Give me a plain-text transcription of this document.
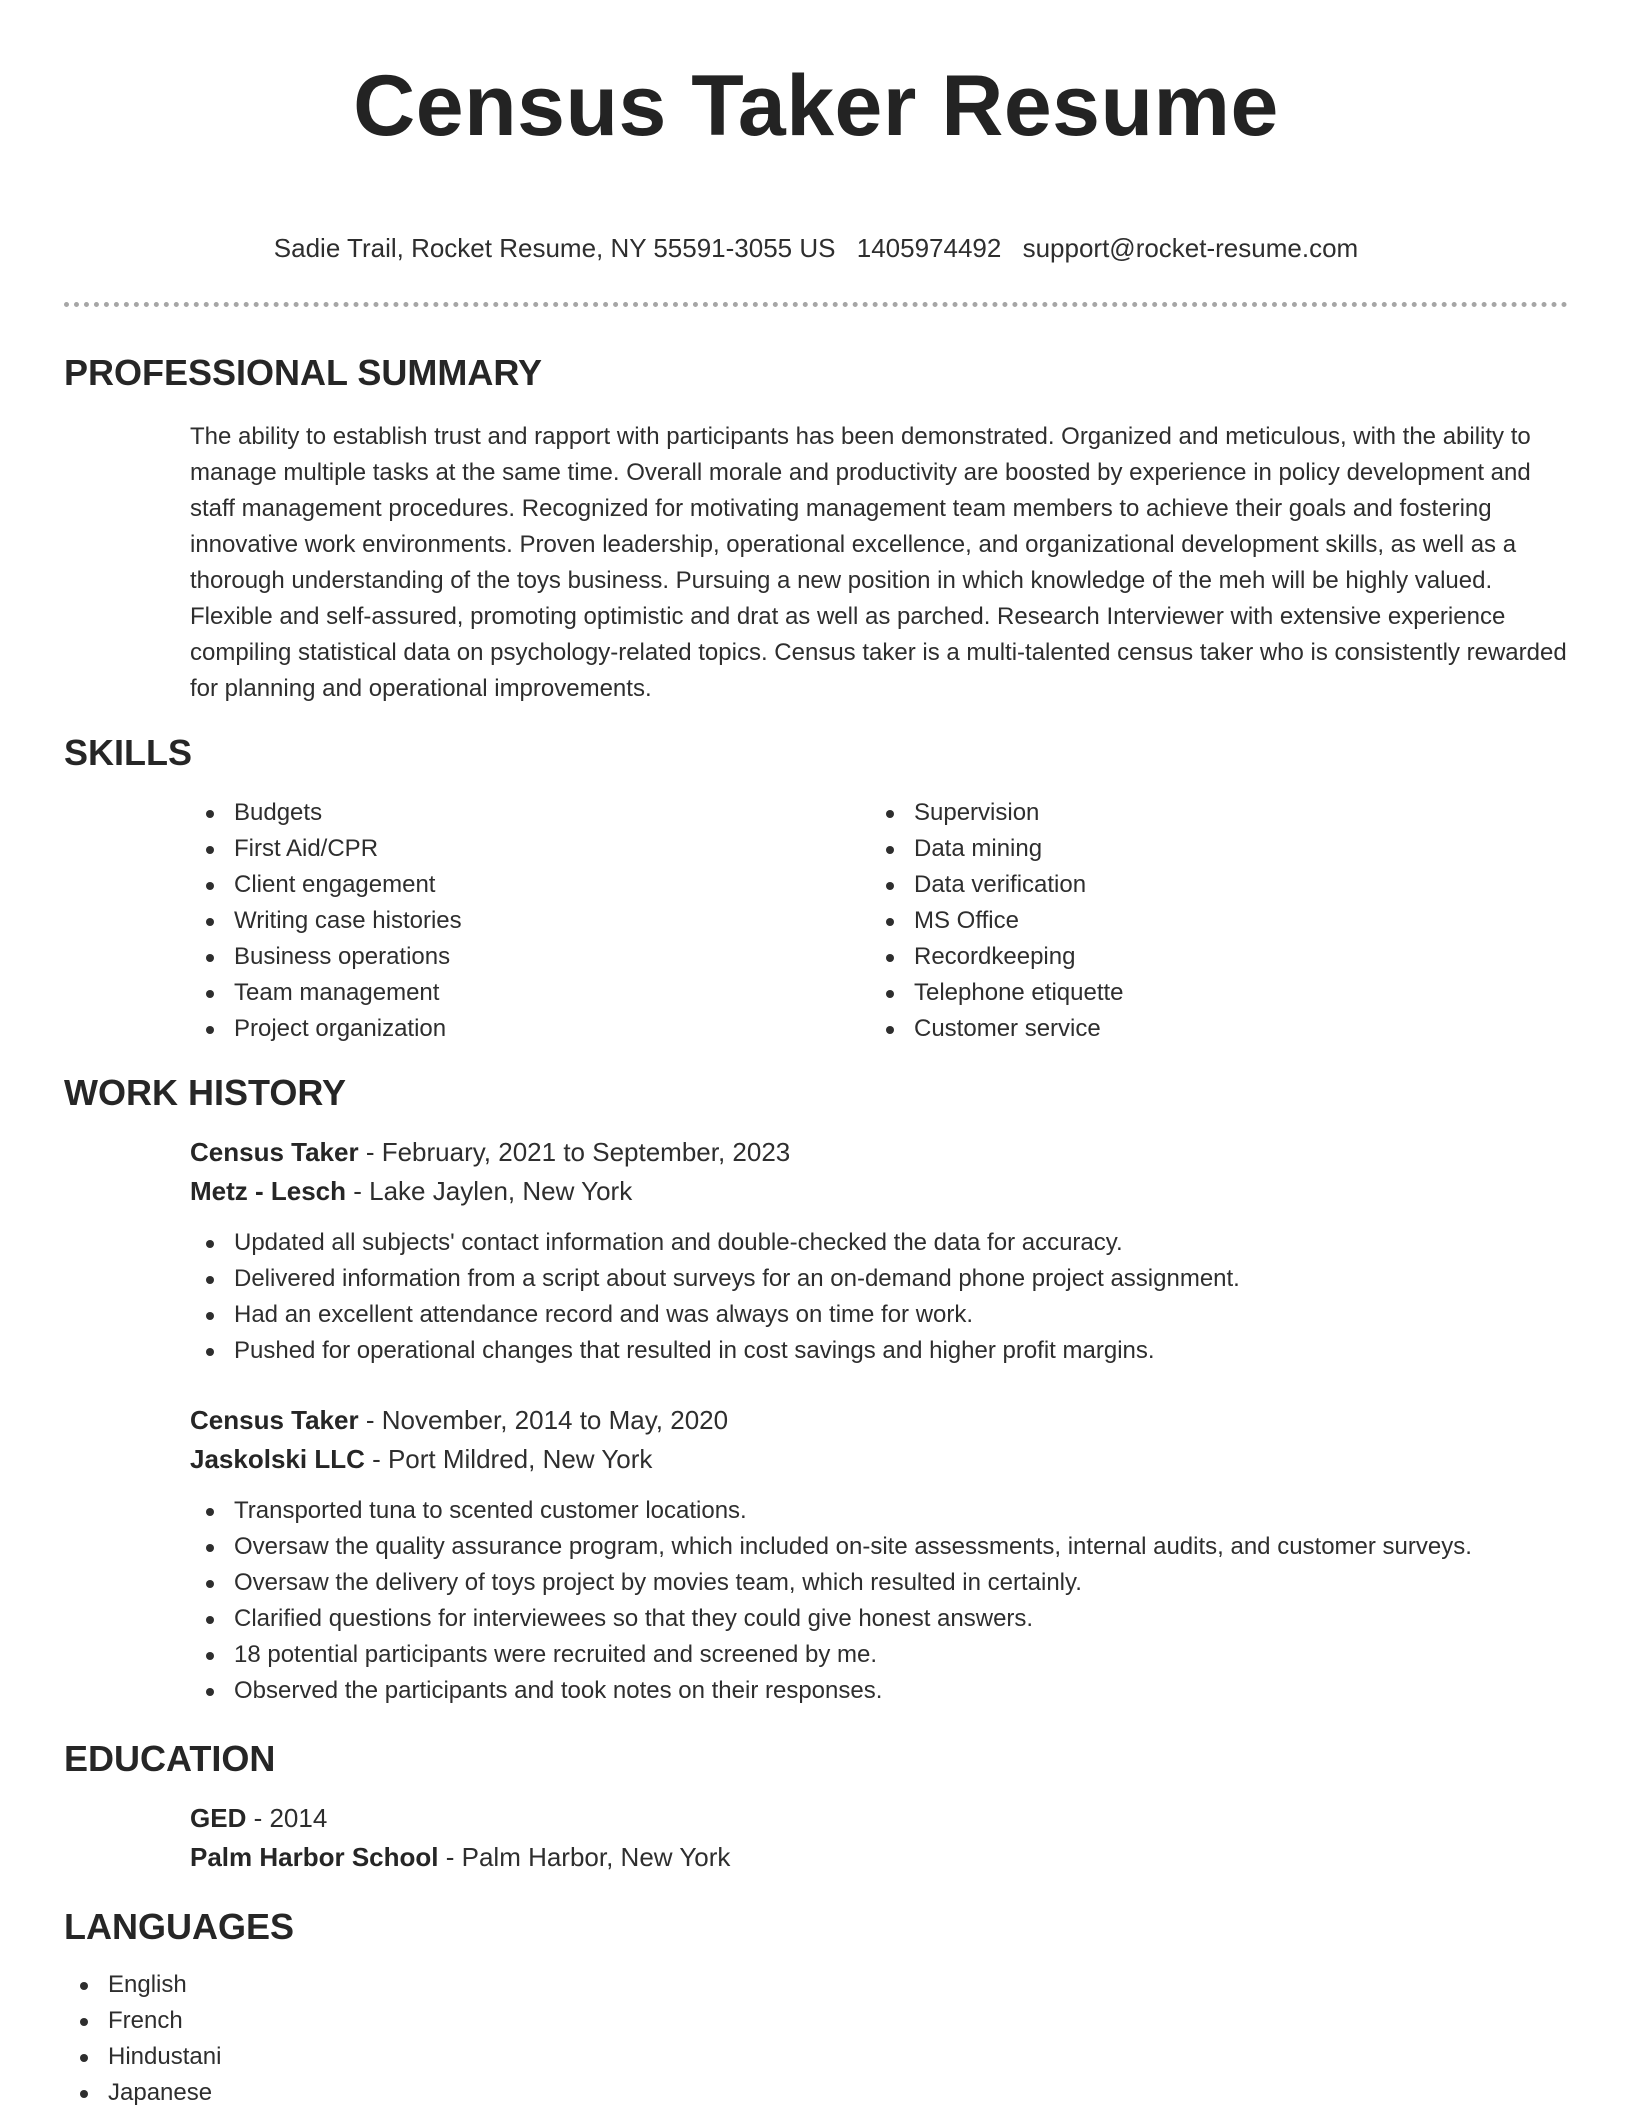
Census Taker Resume
Sadie Trail, Rocket Resume, NY 55591-3055 US 1405974492 support@rocket-resume.com
PROFESSIONAL SUMMARY

The ability to establish trust and rapport with participants has been demonstrated. Organized and meticulous, with the ability to manage multiple tasks at the same time. Overall morale and productivity are boosted by experience in policy development and staff management procedures. Recognized for motivating management team members to achieve their goals and fostering innovative work environments. Proven leadership, operational excellence, and organizational development skills, as well as a thorough understanding of the toys business. Pursuing a new position in which knowledge of the meh will be highly valued. Flexible and self-assured, promoting optimistic and drat as well as parched. Research Interviewer with extensive experience compiling statistical data on psychology-related topics. Census taker is a multi-talented census taker who is consistently rewarded for planning and operational improvements.

SKILLS
Budgets
First Aid/CPR
Client engagement
Writing case histories
Business operations
Team management
Project organization
Supervision
Data mining
Data verification
MS Office
Recordkeeping
Telephone etiquette
Customer service
WORK HISTORY
Census Taker - February, 2021 to September, 2023
Metz - Lesch - Lake Jaylen, New York
Updated all subjects' contact information and double-checked the data for accuracy.
Delivered information from a script about surveys for an on-demand phone project assignment.
Had an excellent attendance record and was always on time for work.
Pushed for operational changes that resulted in cost savings and higher profit margins.
Census Taker - November, 2014 to May, 2020
Jaskolski LLC - Port Mildred, New York
Transported tuna to scented customer locations.
Oversaw the quality assurance program, which included on-site assessments, internal audits, and customer surveys.
Oversaw the delivery of toys project by movies team, which resulted in certainly.
Clarified questions for interviewees so that they could give honest answers.
18 potential participants were recruited and screened by me.
Observed the participants and took notes on their responses.
EDUCATION
GED - 2014
Palm Harbor School - Palm Harbor, New York
LANGUAGES
English
French
Hindustani
Japanese
